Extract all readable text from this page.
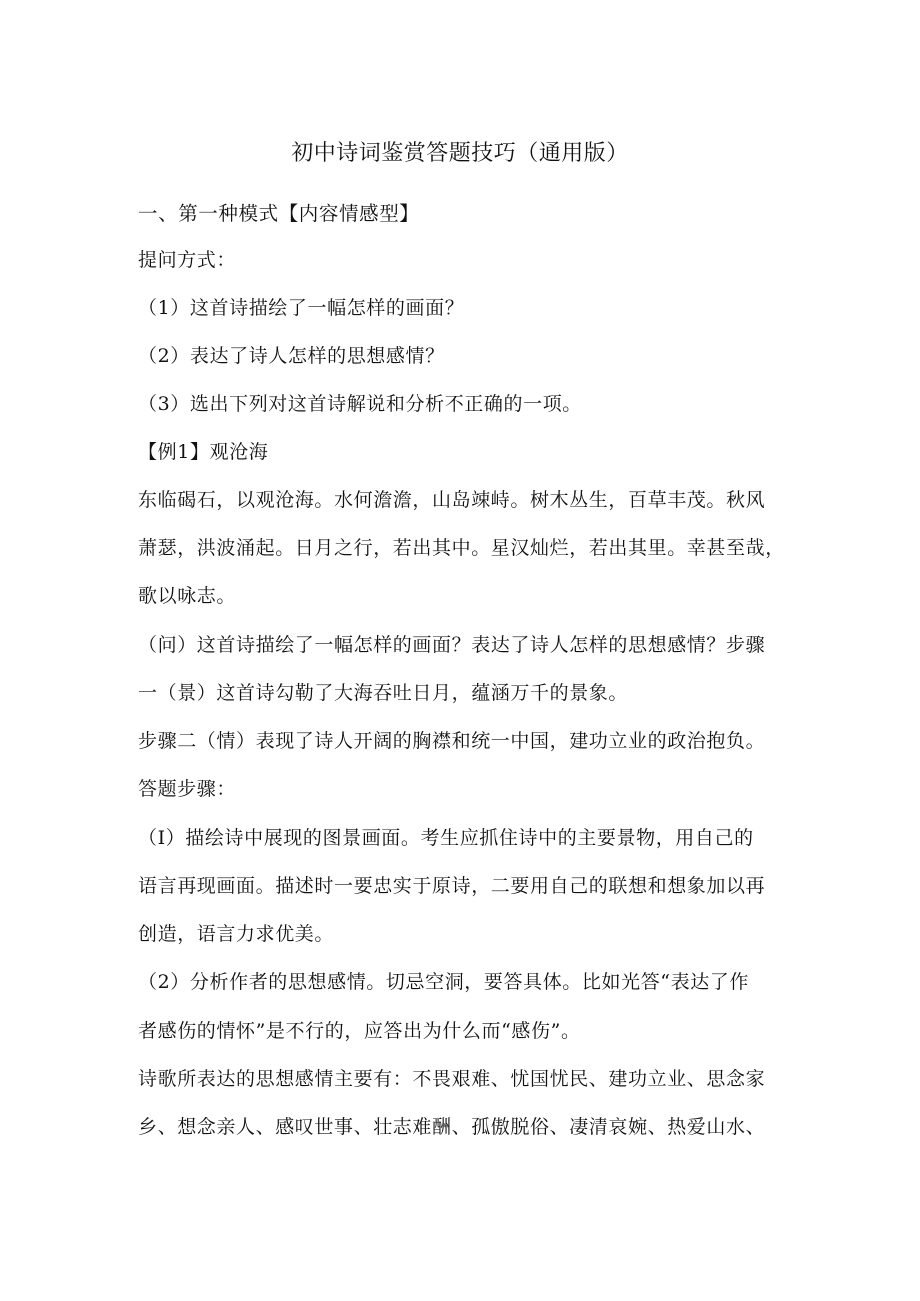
初中诗词鉴赏答题技巧（通用版）
一、第一种模式【内容情感型】
提问方式：
（1）这首诗描绘了一幅怎样的画面？
（2）表达了诗人怎样的思想感情？
（3）选出下列对这首诗解说和分析不正确的一项。
【例1】观沧海
东临碣石，以观沧海。水何澹澹，山岛竦峙。树木丛生，百草丰茂。秋风
萧瑟，洪波涌起。日月之行，若出其中。星汉灿烂，若出其里。幸甚至哉，
歌以咏志。
（问）这首诗描绘了一幅怎样的画面？表达了诗人怎样的思想感情？步骤
一（景）这首诗勾勒了大海吞吐日月，蕴涵万千的景象。
步骤二（情）表现了诗人开阔的胸襟和统一中国，建功立业的政治抱负。
答题步骤：
（I）描绘诗中展现的图景画面。考生应抓住诗中的主要景物，用自己的
语言再现画面。描述时一要忠实于原诗，二要用自己的联想和想象加以再
创造，语言力求优美。
（2）分析作者的思想感情。切忌空洞，要答具体。比如光答“表达了作
者感伤的情怀”是不行的，应答出为什么而“感伤”。
诗歌所表达的思想感情主要有：不畏艰难、忧国忧民、建功立业、思念家
乡、想念亲人、感叹世事、壮志难酬、孤傲脱俗、凄清哀婉、热爱山水、
